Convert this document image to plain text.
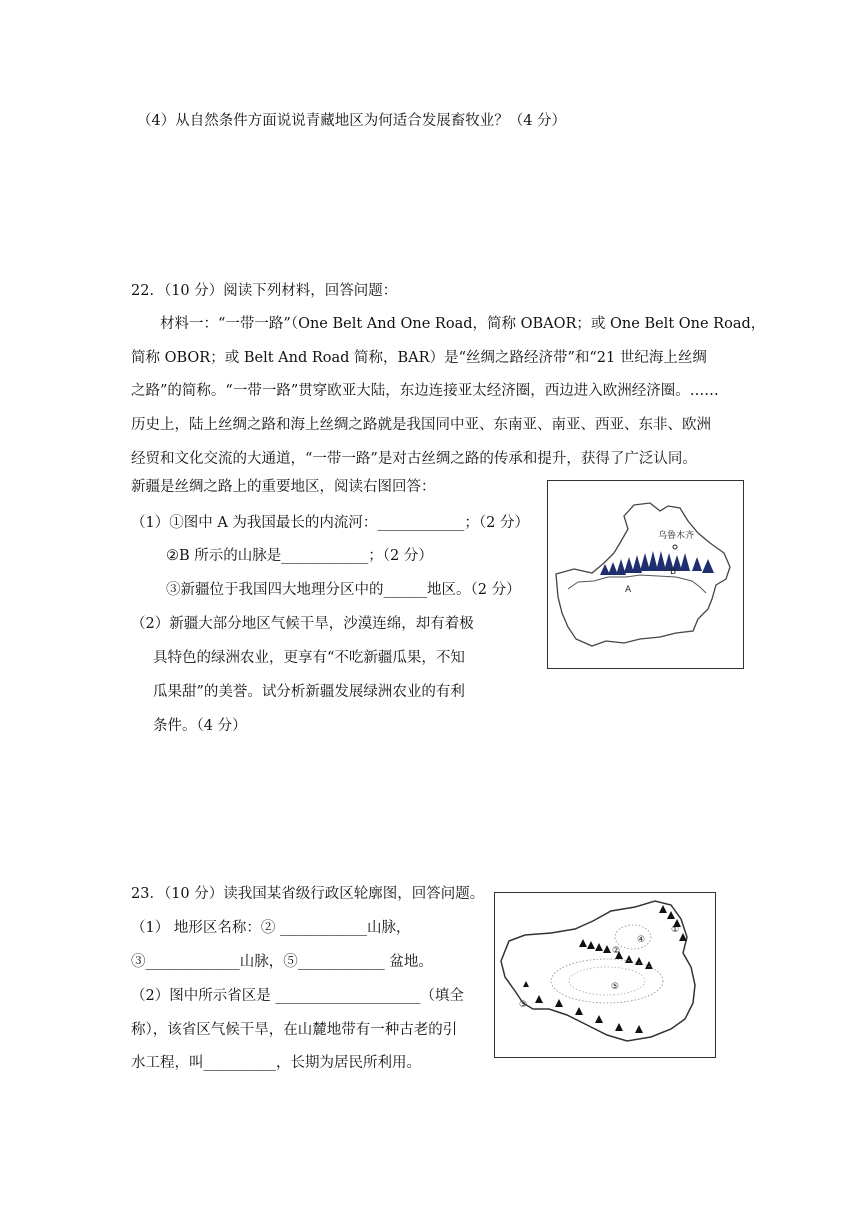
（4）从自然条件方面说说青藏地区为何适合发展畜牧业？（4 分）
22．（10 分）阅读下列材料，回答问题：
材料一：“一带一路”（One Belt And One Road，简称 OBAOR；或 One Belt One Road，
简称 OBOR；或 Belt And Road 简称，BAR）是“丝绸之路经济带”和“21 世纪海上丝绸
之路”的简称。“一带一路”贯穿欧亚大陆，东边连接亚太经济圈，西边进入欧洲经济圈。……
历史上，陆上丝绸之路和海上丝绸之路就是我国同中亚、东南亚、南亚、西亚、东非、欧洲
经贸和文化交流的大通道，“一带一路”是对古丝绸之路的传承和提升，获得了广泛认同。
新疆是丝绸之路上的重要地区，阅读右图回答：
（1）①图中 A 为我国最长的内流河：____________；（2 分）
②B 所示的山脉是____________；（2 分）
③新疆位于我国四大地理分区中的______地区。（2 分）
（2）新疆大部分地区气候干旱，沙漠连绵，却有着极
具特色的绿洲农业，更享有“不吃新疆瓜果，不知
瓜果甜”的美誉。试分析新疆发展绿洲农业的有利
条件。（4 分）
乌鲁木齐
B
A
23．（10 分）读我国某省级行政区轮廓图，回答问题。
（1） 地形区名称：② ____________山脉，
③_____________山脉，⑤____________ 盆地。
（2）图中所示省区是 ____________________（填全
称），该省区气候干旱，在山麓地带有一种古老的引
水工程，叫__________，长期为居民所利用。
①
④
②
⑤
③
